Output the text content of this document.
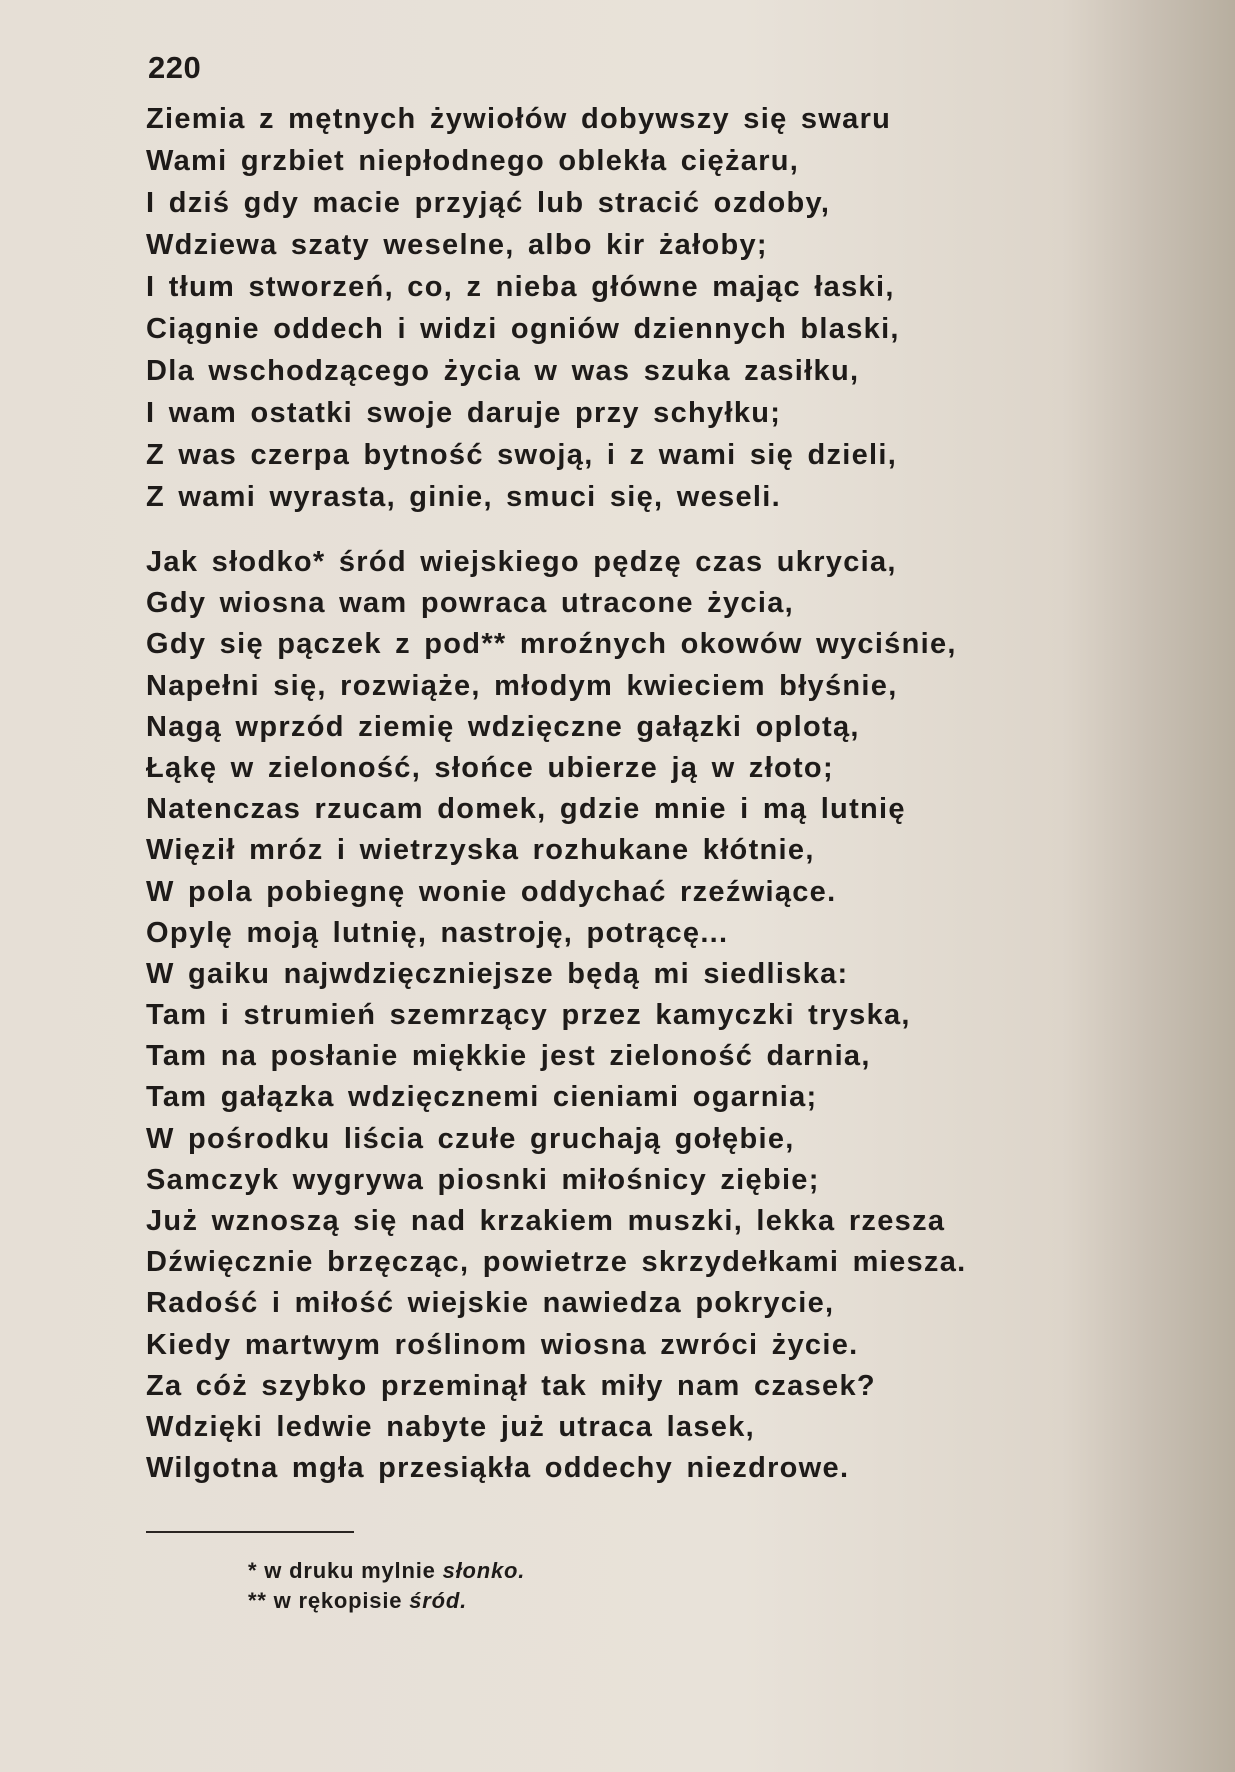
220
Ziemia z mętnych żywiołów dobywszy się swaru
Wami grzbiet niepłodnego oblekła ciężaru,
I dziś gdy macie przyjąć lub stracić ozdoby,
Wdziewa szaty weselne, albo kir żałoby;
I tłum stworzeń, co, z nieba główne mając łaski,
Ciągnie oddech i widzi ogniów dziennych blaski,
Dla wschodzącego życia w was szuka zasiłku,
I wam ostatki swoje daruje przy schyłku;
Z was czerpa bytność swoją, i z wami się dzieli,
Z wami wyrasta, ginie, smuci się, weseli.
Jak słodko* śród wiejskiego pędzę czas ukrycia,
Gdy wiosna wam powraca utracone życia,
Gdy się pączek z pod** mroźnych okowów wyciśnie,
Napełni się, rozwiąże, młodym kwieciem błyśnie,
Nagą wprzód ziemię wdzięczne gałązki oplotą,
Łąkę w zieloność, słońce ubierze ją w złoto;
Natenczas rzucam domek, gdzie mnie i mą lutnię
Więził mróz i wietrzyska rozhukane kłótnie,
W pola pobiegnę wonie oddychać rzeźwiące.
Opylę moją lutnię, nastroję, potrącę...
W gaiku najwdzięczniejsze będą mi siedliska:
Tam i strumień szemrzący przez kamyczki tryska,
Tam na posłanie miękkie jest zieloność darnia,
Tam gałązka wdzięcznemi cieniami ogarnia;
W pośrodku liścia czułe gruchają gołębie,
Samczyk wygrywa piosnki miłośnicy ziębie;
Już wznoszą się nad krzakiem muszki, lekka rzesza
Dźwięcznie brzęcząc, powietrze skrzydełkami miesza.
Radość i miłość wiejskie nawiedza pokrycie,
Kiedy martwym roślinom wiosna zwróci życie.
Za cóż szybko przeminął tak miły nam czasek?
Wdzięki ledwie nabyte już utraca lasek,
Wilgotna mgła przesiąkła oddechy niezdrowe.
* w druku mylnie słonko.
** w rękopisie śród.
